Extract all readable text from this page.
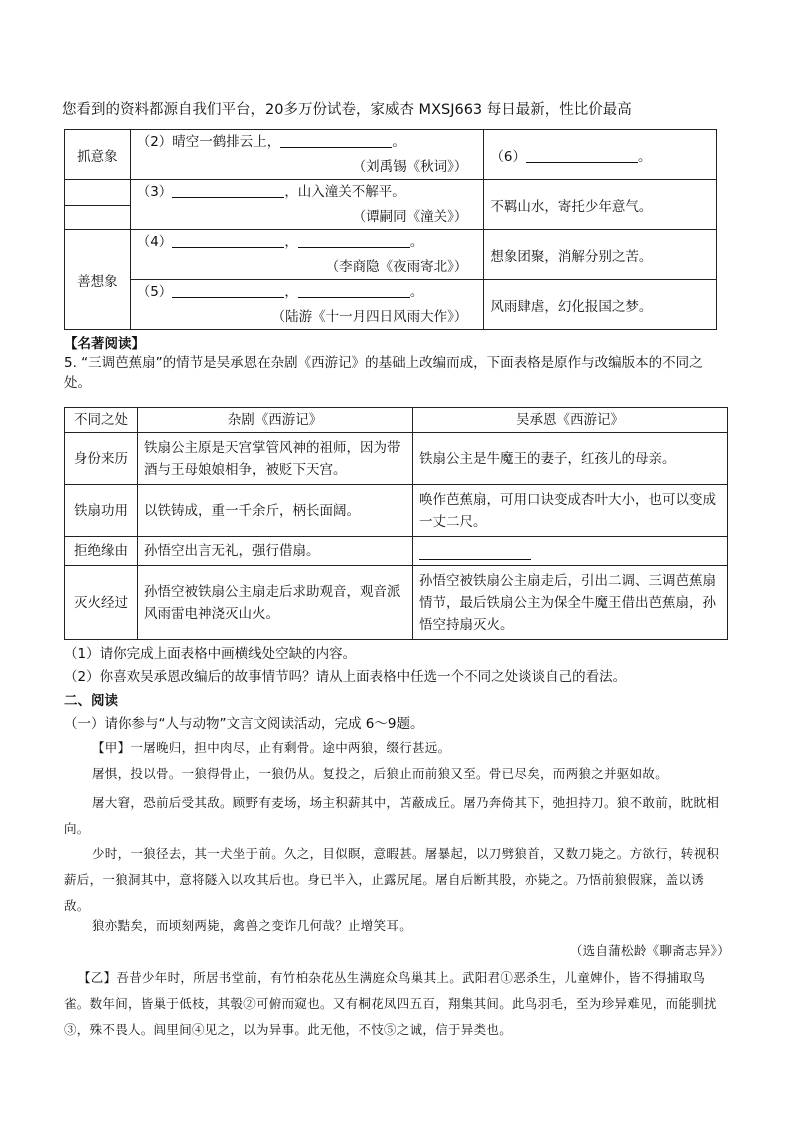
您看到的资料都源自我们平台，20多万份试卷，家威杏 MXSJ663 每日最新，性比价最高
抓意象	（2）晴空一鹤排云上， 。	（6） 。
	（刘禹锡《秋词》）	
	（3） ，山入潼关不解平。	不羁山水，寄托少年意气。
	（谭嗣同《潼关》）	
善想象	（4） ， 。	想象团聚，消解分别之苦。
	（李商隐《夜雨寄北》）	
	（5） ， 。	风雨肆虐，幻化报国之梦。
	（陆游《十一月四日风雨大作》）	
【名著阅读】
5. “三调芭蕉扇”的情节是吴承恩在杂剧《西游记》的基础上改编而成，下面表格是原作与改编版本的不同之处。
不同之处	杂剧《西游记》	吴承恩《西游记》
身份来历	铁扇公主原是天宫掌管风神的祖师，因为带酒与王母娘娘相争，被贬下天宫。	铁扇公主是牛魔王的妻子，红孩儿的母亲。
铁扇功用	以铁铸成，重一千余斤，柄长面阔。	唤作芭蕉扇，可用口诀变成杏叶大小，也可以变成一丈二尺。
拒绝缘由	孙悟空出言无礼，强行借扇。	
灭火经过	孙悟空被铁扇公主扇走后求助观音，观音派风雨雷电神浇灭山火。	孙悟空被铁扇公主扇走后，引出二调、三调芭蕉扇情节，最后铁扇公主为保全牛魔王借出芭蕉扇，孙悟空持扇灭火。
（1）请你完成上面表格中画横线处空缺的内容。
（2）你喜欢吴承恩改编后的故事情节吗？请从上面表格中任选一个不同之处谈谈自己的看法。
二、阅读
（一）请你参与“人与动物”文言文阅读活动，完成 6～9题。
【甲】一屠晚归，担中肉尽，止有剩骨。途中两狼，缀行甚远。
屠惧，投以骨。一狼得骨止，一狼仍从。复投之，后狼止而前狼又至。骨已尽矣，而两狼之并驱如故。
屠大窘，恐前后受其敌。顾野有麦场，场主积薪其中，苫蔽成丘。屠乃奔倚其下，弛担持刀。狼不敢前，眈眈相向。
少时，一狼径去，其一犬坐于前。久之，目似瞑，意暇甚。屠暴起，以刀劈狼首，又数刀毙之。方欲行，转视积薪后，一狼洞其中，意将隧入以攻其后也。身已半入，止露尻尾。屠自后断其股，亦毙之。乃悟前狼假寐，盖以诱敌。
狼亦黠矣，而顷刻两毙，禽兽之变诈几何哉？止增笑耳。
（选自蒲松龄《聊斋志异》）
【乙】吾昔少年时，所居书堂前，有竹柏杂花丛生满庭众鸟巢其上。武阳君①恶杀生，儿童婢仆，皆不得捕取鸟雀。数年间，皆巢于低枝，其彀②可俯而窥也。又有桐花凤四五百，翔集其间。此鸟羽毛，至为珍异难见，而能驯扰③，殊不畏人。闾里间④见之，以为异事。此无他，不忮⑤之诚，信于异类也。
